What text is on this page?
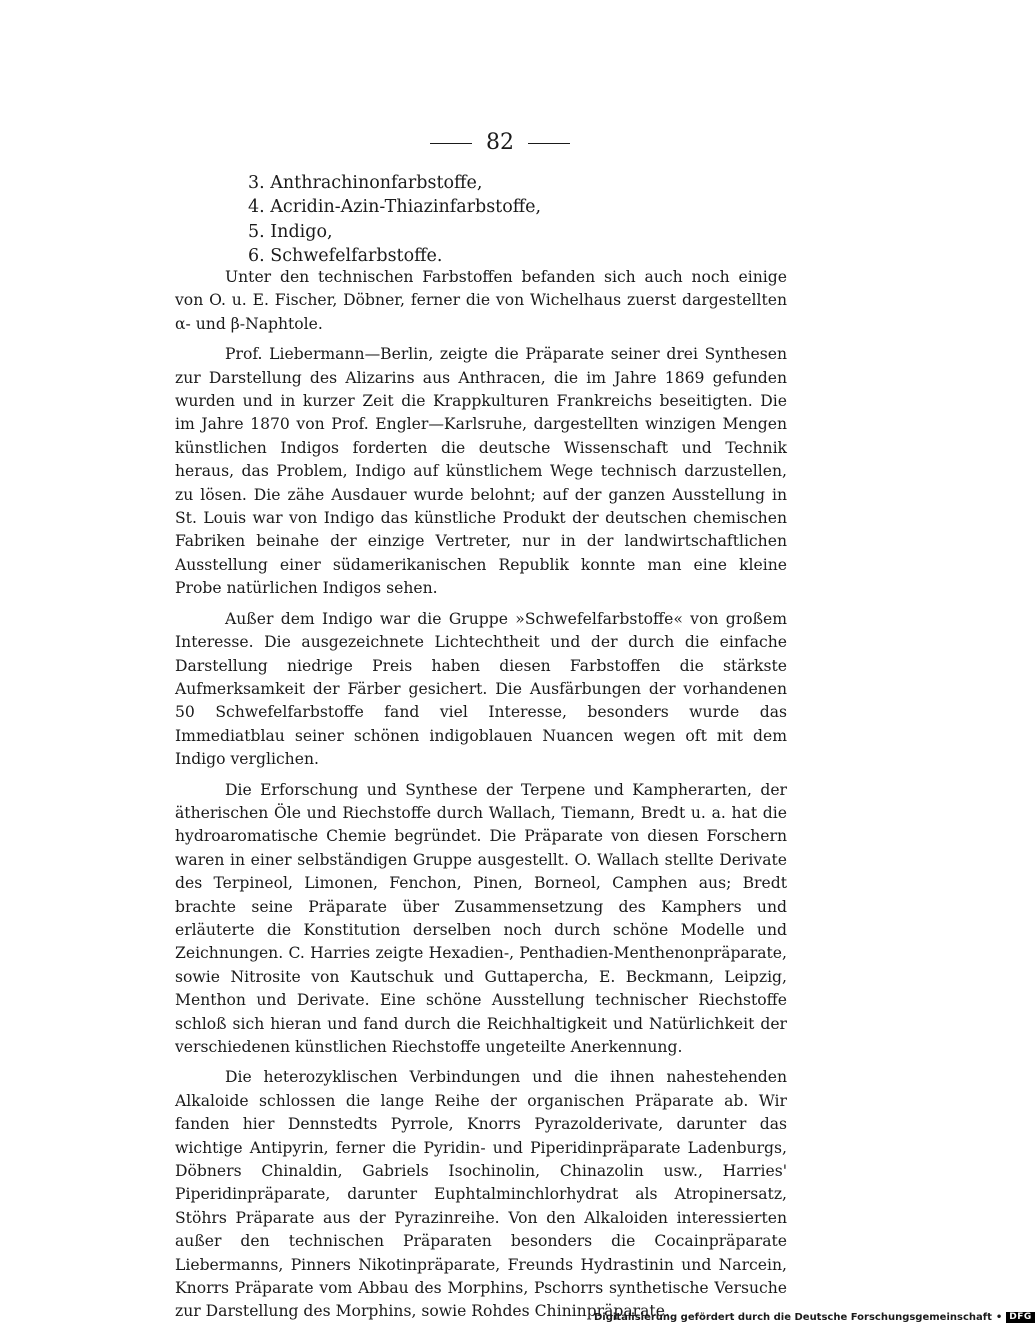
82
3. Anthrachinonfarbstoffe,
4. Acridin-Azin-Thiazinfarbstoffe,
5. Indigo,
6. Schwefelfarbstoffe.

Unter den technischen Farbstoffen befanden sich auch noch einige von O. u. E. Fischer, Döbner, ferner die von Wichelhaus zuerst dargestellten α- und β-Naphtole.

Prof. Liebermann—Berlin, zeigte die Präparate seiner drei Synthesen zur Darstellung des Alizarins aus Anthracen, die im Jahre 1869 gefunden wurden und in kurzer Zeit die Krappkulturen Frankreichs beseitigten. Die im Jahre 1870 von Prof. Engler—Karlsruhe, dargestellten winzigen Mengen künstlichen Indigos forderten die deutsche Wissenschaft und Technik heraus, das Problem, Indigo auf künstlichem Wege technisch darzustellen, zu lösen. Die zähe Ausdauer wurde belohnt; auf der ganzen Ausstellung in St. Louis war von Indigo das künstliche Produkt der deutschen chemischen Fabriken beinahe der einzige Vertreter, nur in der landwirtschaftlichen Ausstellung einer südamerikanischen Republik konnte man eine kleine Probe natürlichen Indigos sehen.

Außer dem Indigo war die Gruppe »Schwefelfarbstoffe« von großem Interesse. Die ausgezeichnete Lichtechtheit und der durch die einfache Darstellung niedrige Preis haben diesen Farbstoffen die stärkste Aufmerksamkeit der Färber gesichert. Die Ausfärbungen der vorhandenen 50 Schwefelfarbstoffe fand viel Interesse, besonders wurde das Immediatblau seiner schönen indigoblauen Nuancen wegen oft mit dem Indigo verglichen.

Die Erforschung und Synthese der Terpene und Kampherarten, der ätherischen Öle und Riechstoffe durch Wallach, Tiemann, Bredt u. a. hat die hydroaromatische Chemie begründet. Die Präparate von diesen Forschern waren in einer selbständigen Gruppe ausgestellt. O. Wallach stellte Derivate des Terpineol, Limonen, Fenchon, Pinen, Borneol, Camphen aus; Bredt brachte seine Präparate über Zusammensetzung des Kamphers und erläuterte die Konstitution derselben noch durch schöne Modelle und Zeichnungen. C. Harries zeigte Hexadien-, Penthadien-Menthenonpräparate, sowie Nitrosite von Kautschuk und Guttapercha, E. Beckmann, Leipzig, Menthon und Derivate. Eine schöne Ausstellung technischer Riechstoffe schloß sich hieran und fand durch die Reichhaltigkeit und Natürlichkeit der verschiedenen künstlichen Riechstoffe ungeteilte Anerkennung.

Die heterozyklischen Verbindungen und die ihnen nahestehenden Alkaloide schlossen die lange Reihe der organischen Präparate ab. Wir fanden hier Dennstedts Pyrrole, Knorrs Pyrazolderivate, darunter das wichtige Antipyrin, ferner die Pyridin- und Piperidinpräparate Ladenburgs, Döbners Chinaldin, Gabriels Isochinolin, Chinazolin usw., Harries' Piperidinpräparate, darunter Euphtalminchlorhydrat als Atropinersatz, Stöhrs Präparate aus der Pyrazinreihe. Von den Alkaloiden interessierten außer den technischen Präparaten besonders die Cocainpräparate Liebermanns, Pinners Nikotinpräparate, Freunds Hydrastinin und Narcein, Knorrs Präparate vom Abbau des Morphins, Pschorrs synthetische Versuche zur Darstellung des Morphins, sowie Rohdes Chininpräparate.

Digitalisierung gefördert durch die Deutsche Forschungsgemeinschaft • DFG
